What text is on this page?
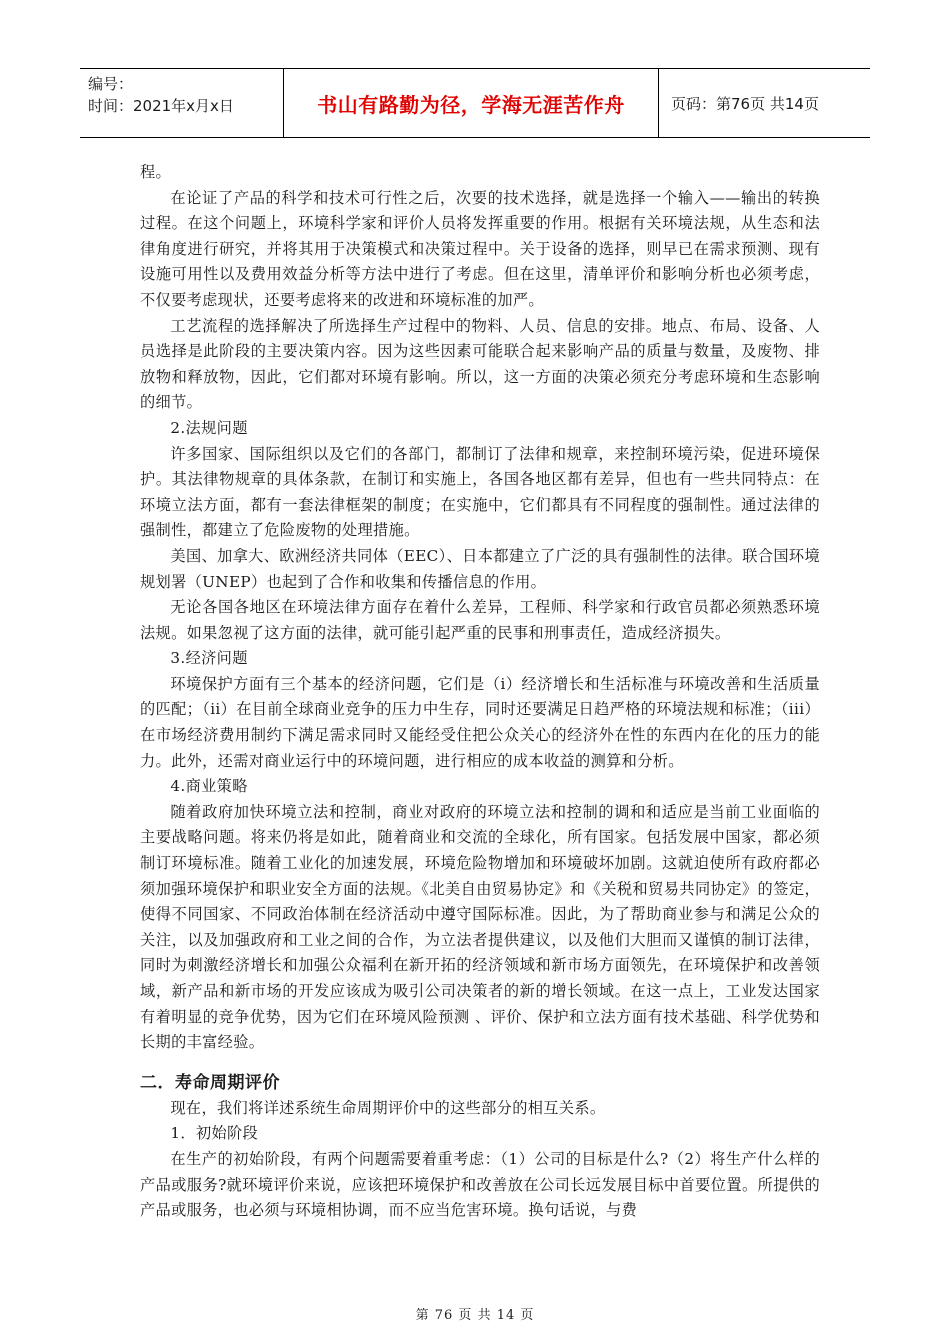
编号：
时间：2021年x月x日	书山有路勤为径，学海无涯苦作舟	页码：第76页 共14页

程。

在论证了产品的科学和技术可行性之后，次要的技术选择，就是选择一个输入——输出的转换过程。在这个问题上，环境科学家和评价人员将发挥重要的作用。根据有关环境法规，从生态和法律角度进行研究，并将其用于决策模式和决策过程中。关于设备的选择，则早已在需求预测、现有设施可用性以及费用效益分析等方法中进行了考虑。但在这里，清单评价和影响分析也必须考虑，不仅要考虑现状，还要考虑将来的改进和环境标准的加严。

工艺流程的选择解决了所选择生产过程中的物料、人员、信息的安排。地点、布局、设备、人员选择是此阶段的主要决策内容。因为这些因素可能联合起来影响产品的质量与数量，及废物、排放物和释放物，因此，它们都对环境有影响。所以，这一方面的决策必须充分考虑环境和生态影响的细节。

2.法规问题

许多国家、国际组织以及它们的各部门，都制订了法律和规章，来控制环境污染，促进环境保护。其法律物规章的具体条款，在制订和实施上，各国各地区都有差异，但也有一些共同特点：在环境立法方面，都有一套法律框架的制度；在实施中，它们都具有不同程度的强制性。通过法律的强制性，都建立了危险废物的处理措施。

美国、加拿大、欧洲经济共同体（EEC）、日本都建立了广泛的具有强制性的法律。联合国环境规划署（UNEP）也起到了合作和收集和传播信息的作用。

无论各国各地区在环境法律方面存在着什么差异，工程师、科学家和行政官员都必须熟悉环境法规。如果忽视了这方面的法律，就可能引起严重的民事和刑事责任，造成经济损失。

3.经济问题

环境保护方面有三个基本的经济问题，它们是（i）经济增长和生活标准与环境改善和生活质量的匹配；（ii）在目前全球商业竞争的压力中生存，同时还要满足日趋严格的环境法规和标准；（iii）在市场经济费用制约下满足需求同时又能经受住把公众关心的经济外在性的东西内在化的压力的能力。此外，还需对商业运行中的环境问题，进行相应的成本收益的测算和分析。

4.商业策略

随着政府加快环境立法和控制，商业对政府的环境立法和控制的调和和适应是当前工业面临的主要战略问题。将来仍将是如此，随着商业和交流的全球化，所有国家。包括发展中国家，都必须制订环境标准。随着工业化的加速发展，环境危险物增加和环境破坏加剧。这就迫使所有政府都必须加强环境保护和职业安全方面的法规。《北美自由贸易协定》和《关税和贸易共同协定》的签定，使得不同国家、不同政治体制在经济活动中遵守国际标准。因此，为了帮助商业参与和满足公众的关注，以及加强政府和工业之间的合作，为立法者提供建议，以及他们大胆而又谨慎的制订法律，同时为刺激经济增长和加强公众福利在新开拓的经济领域和新市场方面领先，在环境保护和改善领域，新产品和新市场的开发应该成为吸引公司决策者的新的增长领域。在这一点上，工业发达国家有着明显的竞争优势，因为它们在环境风险预测 、评价、保护和立法方面有技术基础、科学优势和长期的丰富经验。

二．寿命周期评价

现在，我们将详述系统生命周期评价中的这些部分的相互关系。

1．初始阶段

在生产的初始阶段，有两个问题需要着重考虑：（1）公司的目标是什么?（2）将生产什么样的产品或服务?就环境评价来说，应该把环境保护和改善放在公司长远发展目标中首要位置。所提供的产品或服务，也必须与环境相协调，而不应当危害环境。换句话说，与费

第 76 页 共 14 页
